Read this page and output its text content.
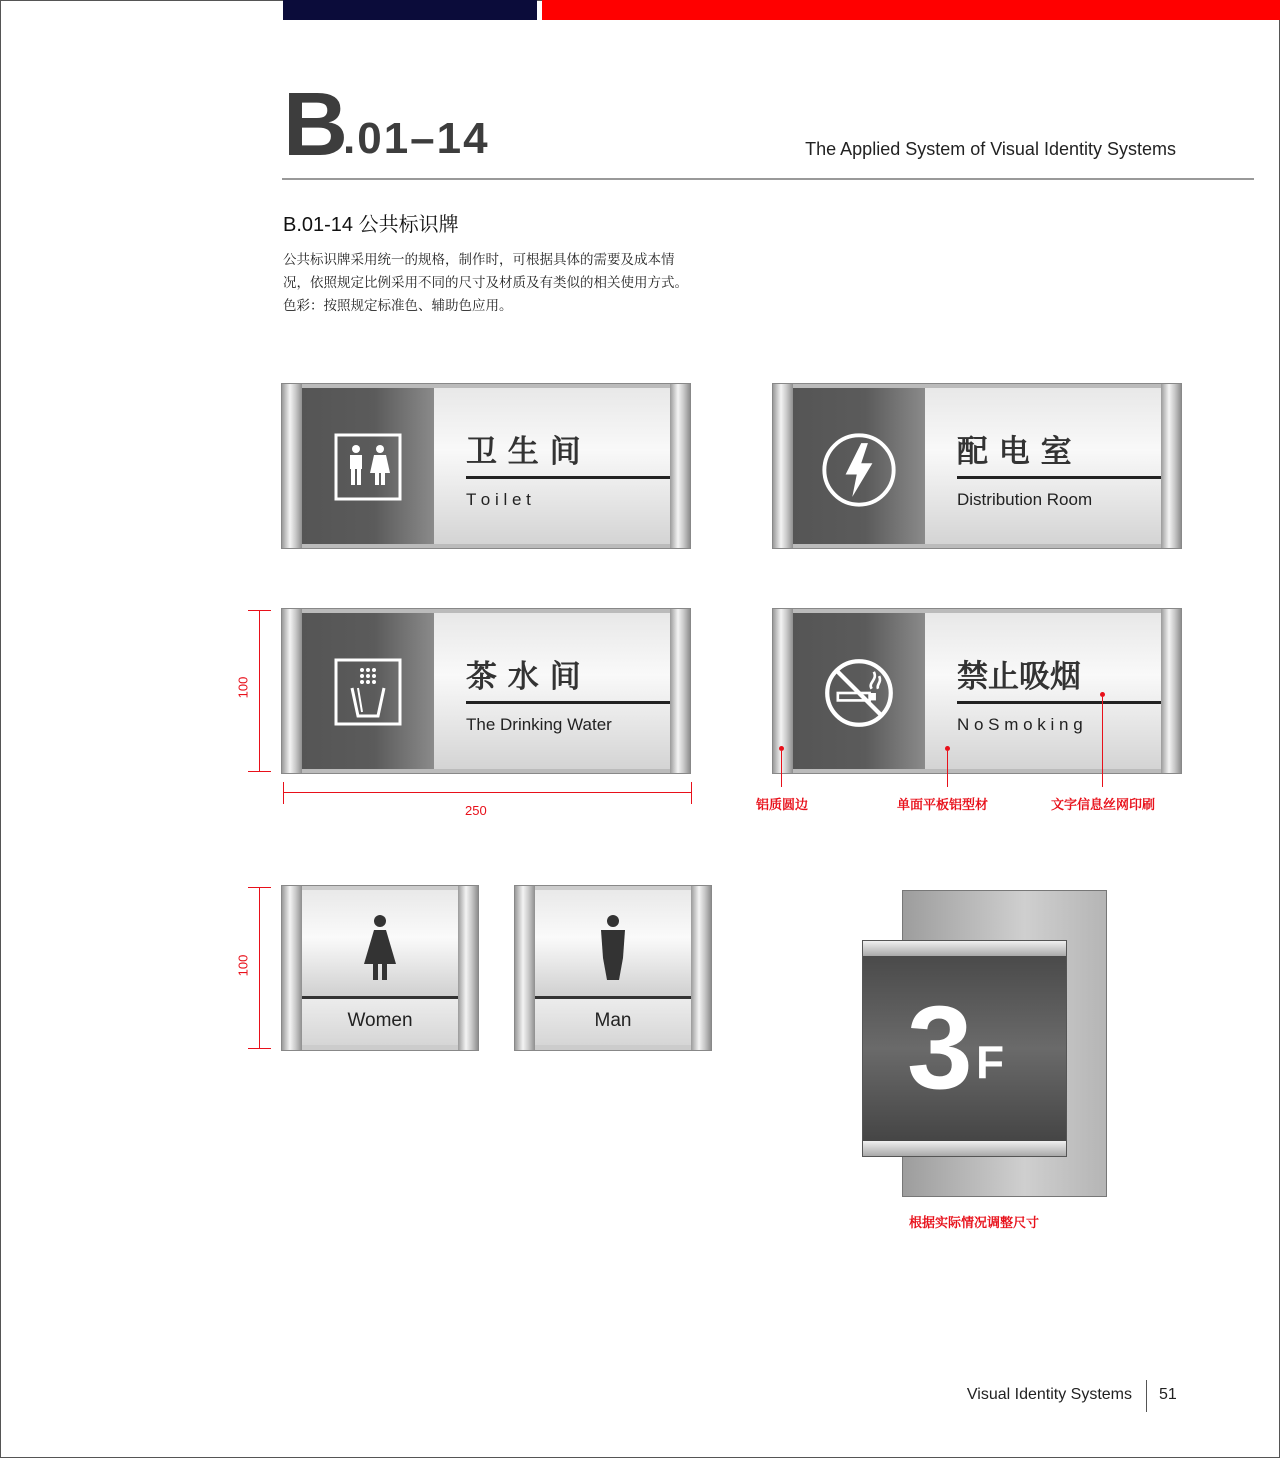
B
.01–14	The Applied System of Visual Identity Systems
B.01-14 公共标识牌
公共标识牌采用统一的规格，制作时，可根据具体的需要及成本情
况，依照规定比例采用不同的尺寸及材质及有类似的相关使用方式。
色彩：按照规定标准色、辅助色应用。
卫 生 间
T o i l e t
配 电 室
Distribution Room
茶 水 间
The Drinking Water
禁止吸烟
N o S m o k i n g
100
250	铝质圆边	单面平板铝型材	文字信息丝网印刷
100
Women	Man	3 F
根据实际情况调整尺寸
Visual Identity Systems 51
